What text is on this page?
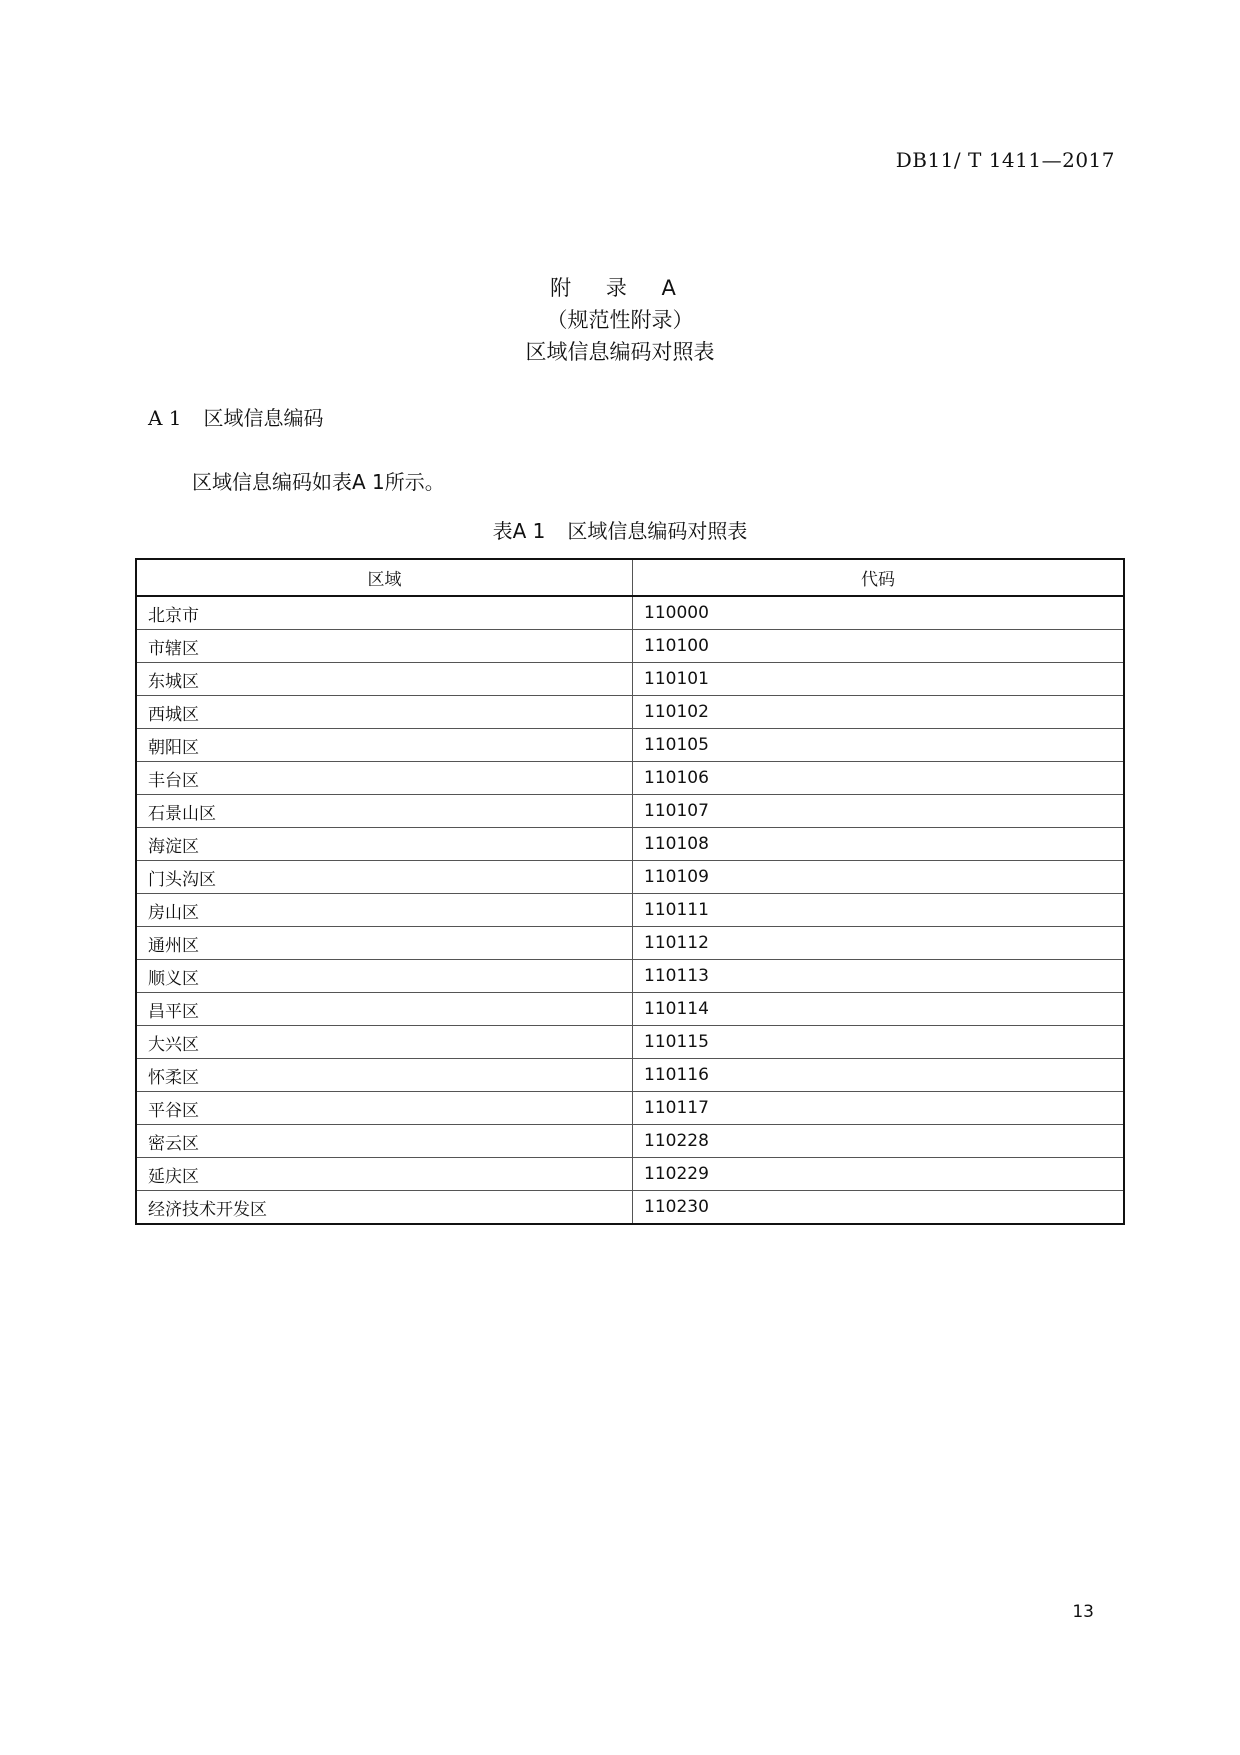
DB11/ T 1411—2017
附 录 A
（规范性附录）
区域信息编码对照表
A 1 区域信息编码
区域信息编码如表A 1所示。
表A 1 区域信息编码对照表
区域	代码
北京市	110000
市辖区	110100
东城区	110101
西城区	110102
朝阳区	110105
丰台区	110106
石景山区	110107
海淀区	110108
门头沟区	110109
房山区	110111
通州区	110112
顺义区	110113
昌平区	110114
大兴区	110115
怀柔区	110116
平谷区	110117
密云区	110228
延庆区	110229
经济技术开发区	110230
13
